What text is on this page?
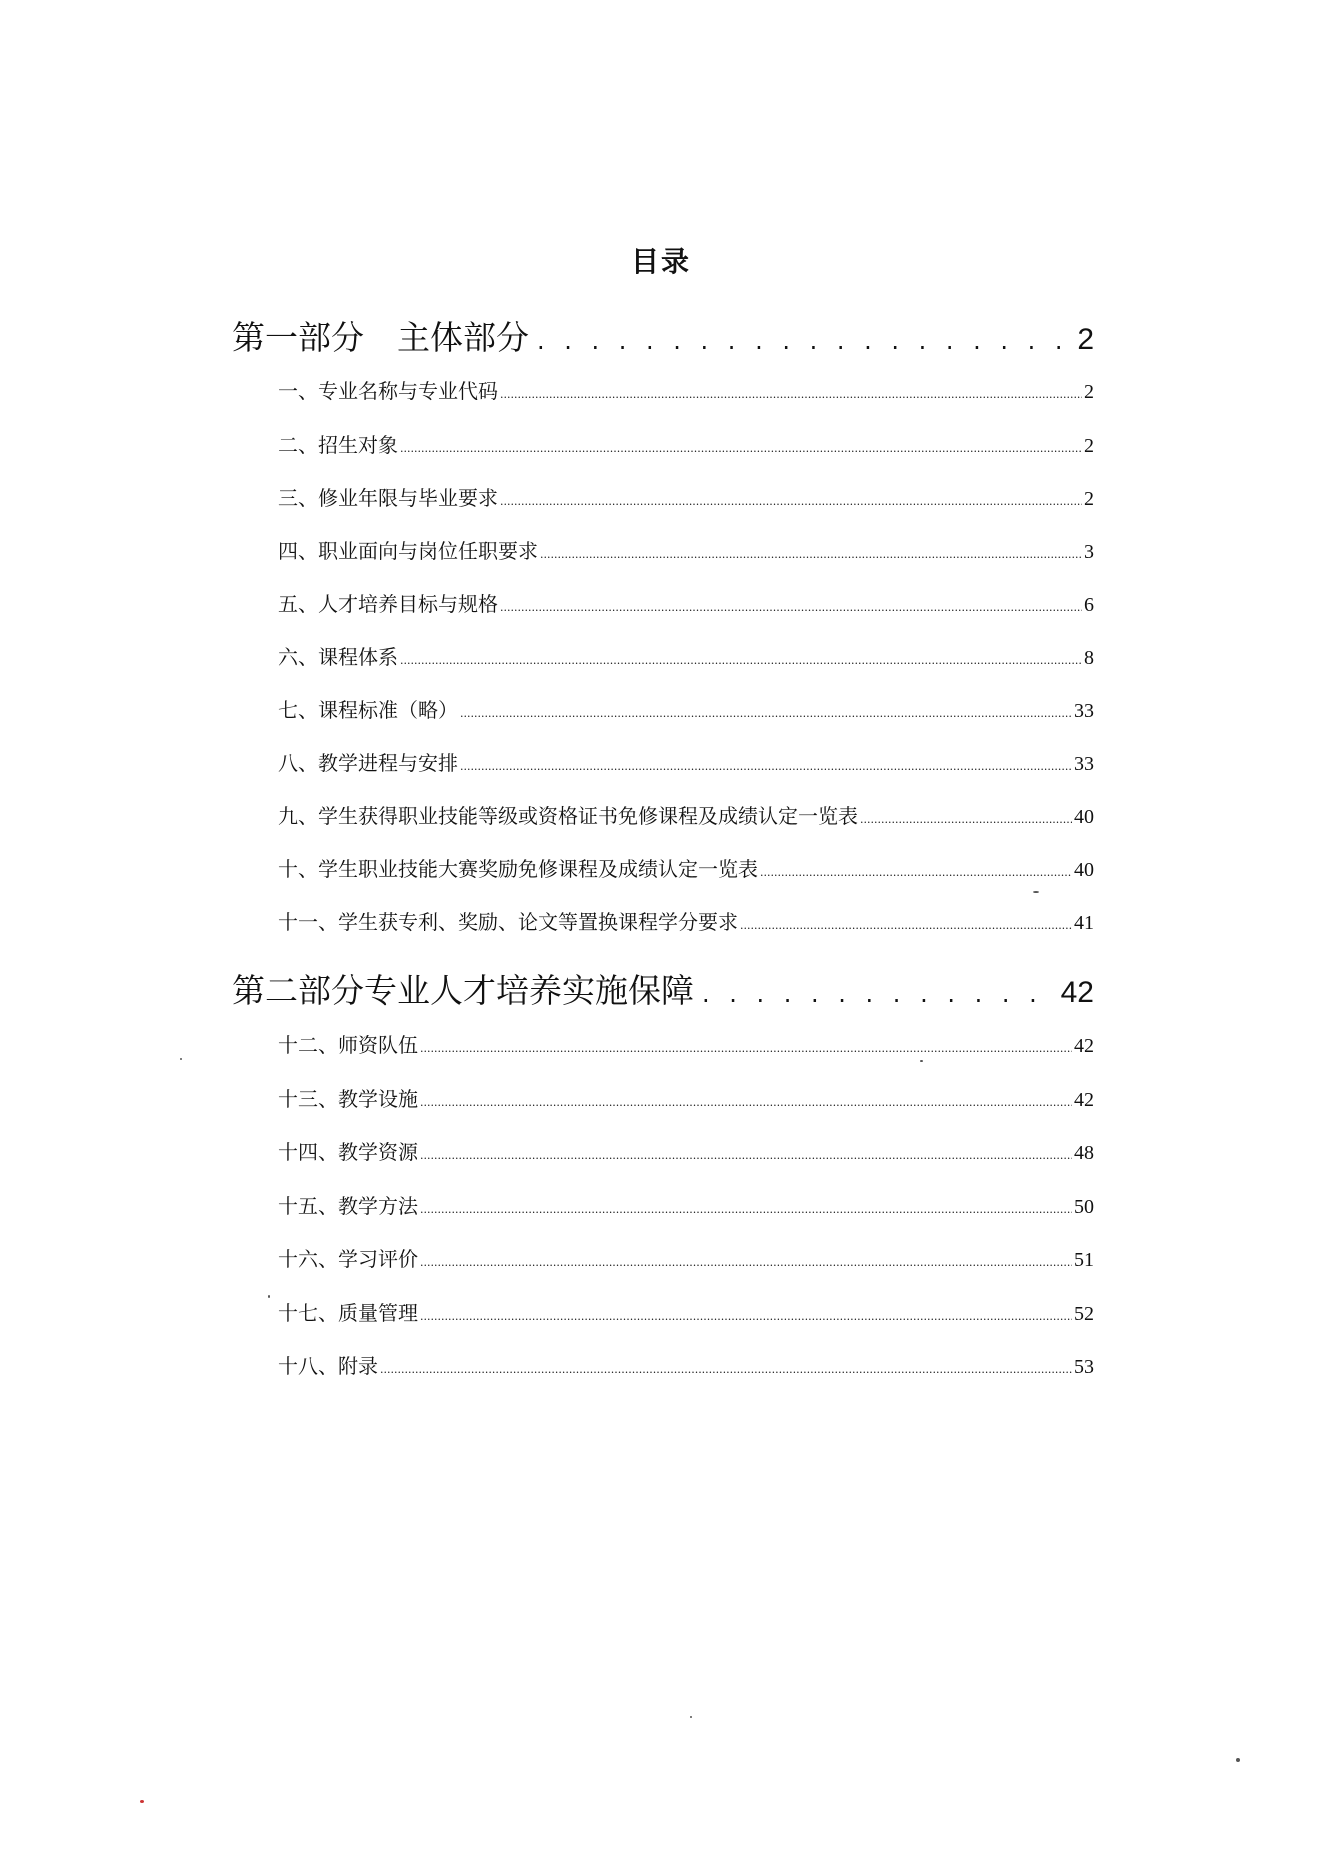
目录
第一部分　主体部分 . . .	2
一、专业名称与专业代码 .....	2
二、招生对象 .....	2
三、修业年限与毕业要求 .....	2
四、职业面向与岗位任职要求 .....	3
五、人才培养目标与规格 .....	6
六、课程体系 .....	8
七、课程标准（略） .....	33
八、教学进程与安排 .....	33
九、学生获得职业技能等级或资格证书免修课程及成绩认定一览表 .....	40
十、学生职业技能大赛奖励免修课程及成绩认定一览表 .....	40
十一、学生获专利、奖励、论文等置换课程学分要求 .....	41
第二部分专业人才培养实施保障 . . .	42
十二、师资队伍 .....	42
十三、教学设施 .....	42
十四、教学资源 .....	48
十五、教学方法 .....	50
十六、学习评价 .....	51
十七、质量管理 .....	52
十八、附录 .....	53
